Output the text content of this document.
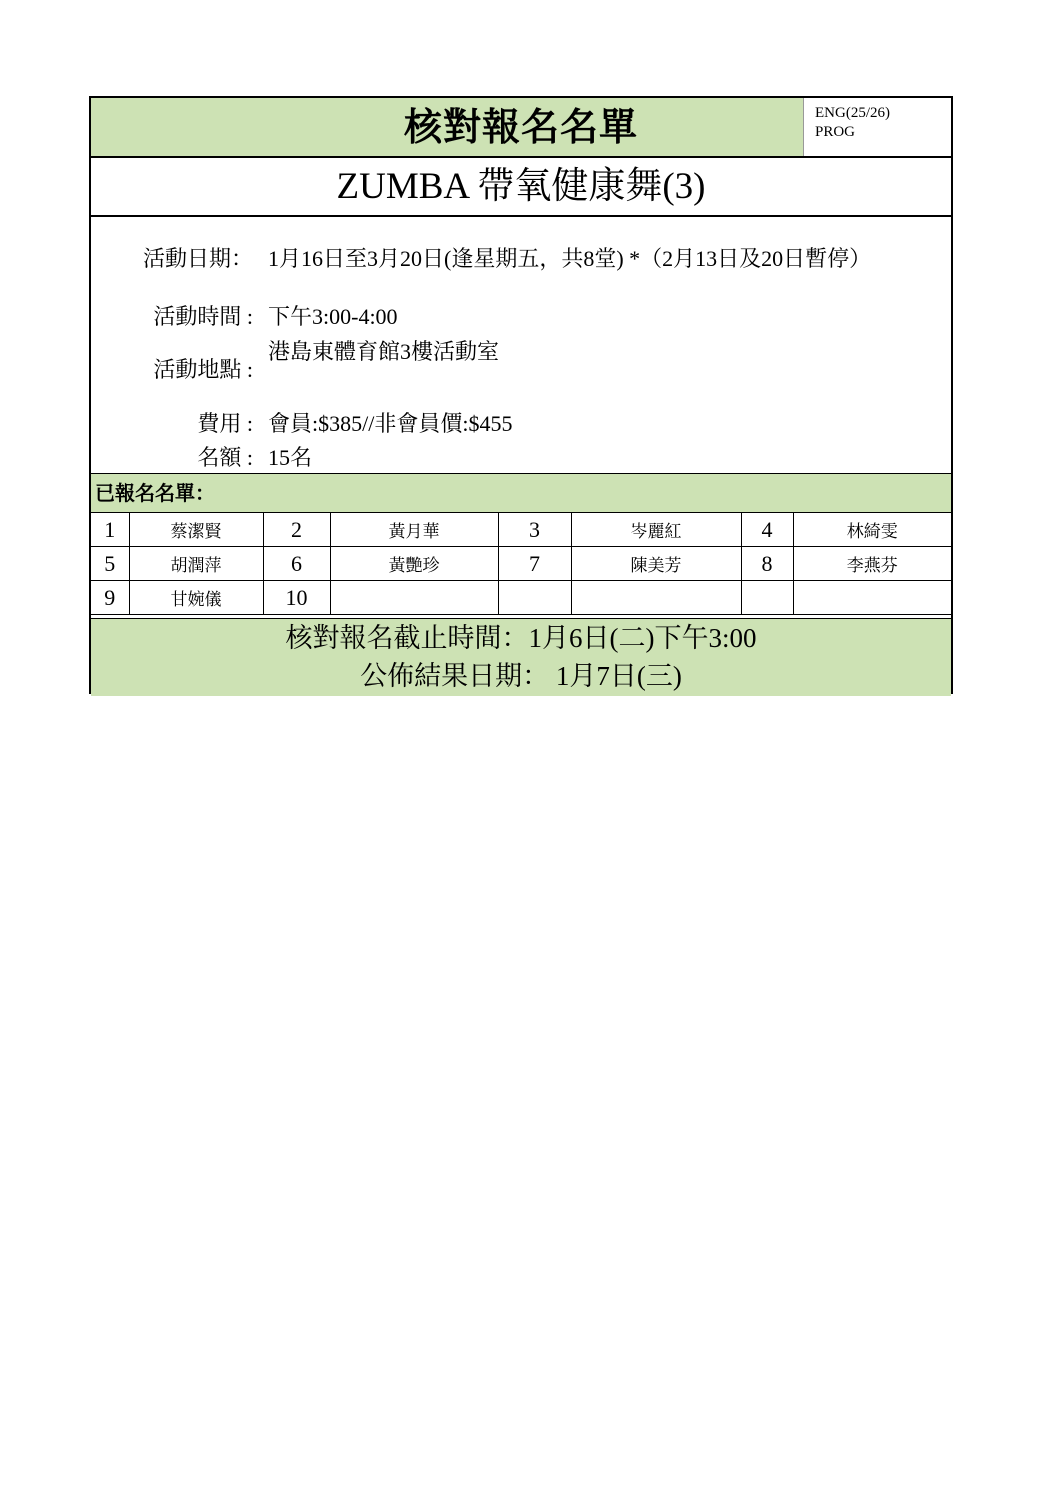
核對報名名單	ENG(25/26)
PROG
ZUMBA 帶氧健康舞(3)
活動日期： 1月16日至3月20日(逢星期五，共8堂) *（2月13日及20日暫停）
活動時間 : 下午3:00-4:00
活動地點 :
港島東體育館3樓活動室
費用 : 會員:$385//非會員價:$455
名額 : 15名
已報名名單：
1	蔡潔賢	2	黃月華	3	岑麗紅	4	林綺雯
5	胡潤萍	6	黃艷珍	7	陳美芳	8	李燕芬
9	甘婉儀	10					
核對報名截止時間：1月6日(二)下午3:00
公佈結果日期： 1月7日(三)
